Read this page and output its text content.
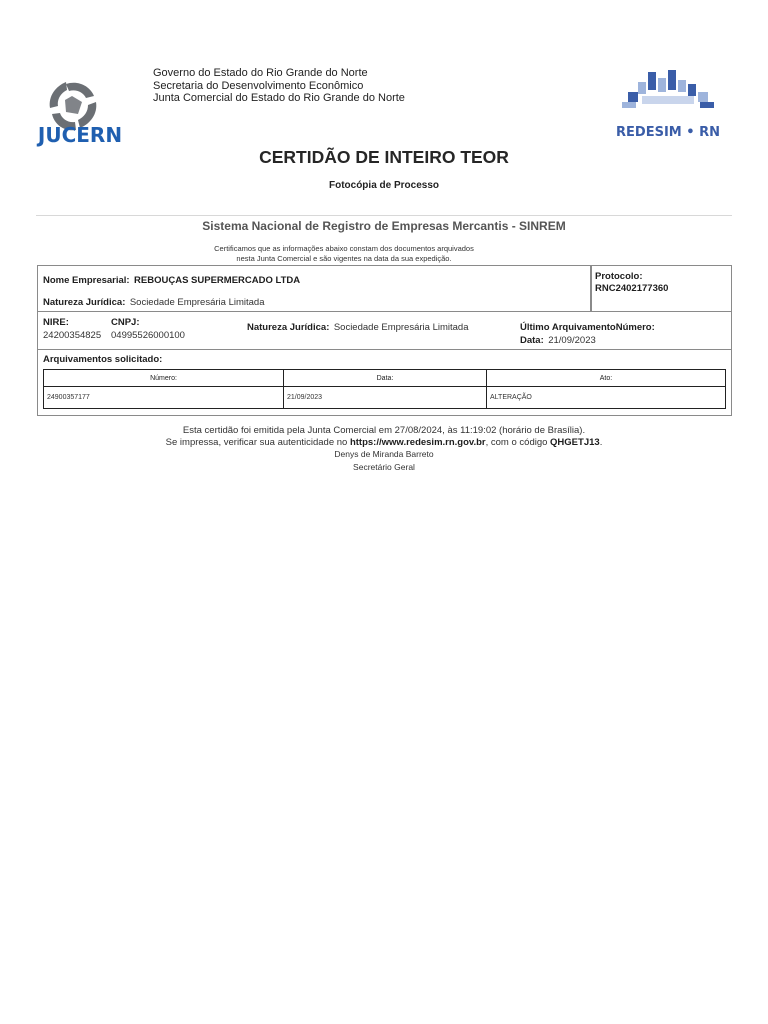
JUCERN
Governo do Estado do Rio Grande do Norte
Secretaria do Desenvolvimento Econômico
Junta Comercial do Estado do Rio Grande do Norte
REDESIM • RN
CERTIDÃO DE INTEIRO TEOR
Fotocópia de Processo
Sistema Nacional de Registro de Empresas Mercantis - SINREM
Certificamos que as informações abaixo constam dos documentos arquivados
nesta Junta Comercial e são vigentes na data da sua expedição.
Nome Empresarial: REBOUÇAS SUPERMERCADO LTDA
Natureza Jurídica: Sociedade Empresária Limitada
Protocolo:
RNC2402177360
NIRE:
24200354825
CNPJ:
04995526000100
Natureza Jurídica: Sociedade Empresária Limitada	Último ArquivamentoNúmero:
Data: 21/09/2023
Arquivamentos solicitado:
Número:	Data:	Ato:
24900357177	21/09/2023	ALTERAÇÃO
Esta certidão foi emitida pela Junta Comercial em 27/08/2024, às 11:19:02 (horário de Brasília).
Se impressa, verificar sua autenticidade no https://www.redesim.rn.gov.br, com o código QHGETJ13.
Denys de Miranda Barreto
Secretário Geral
